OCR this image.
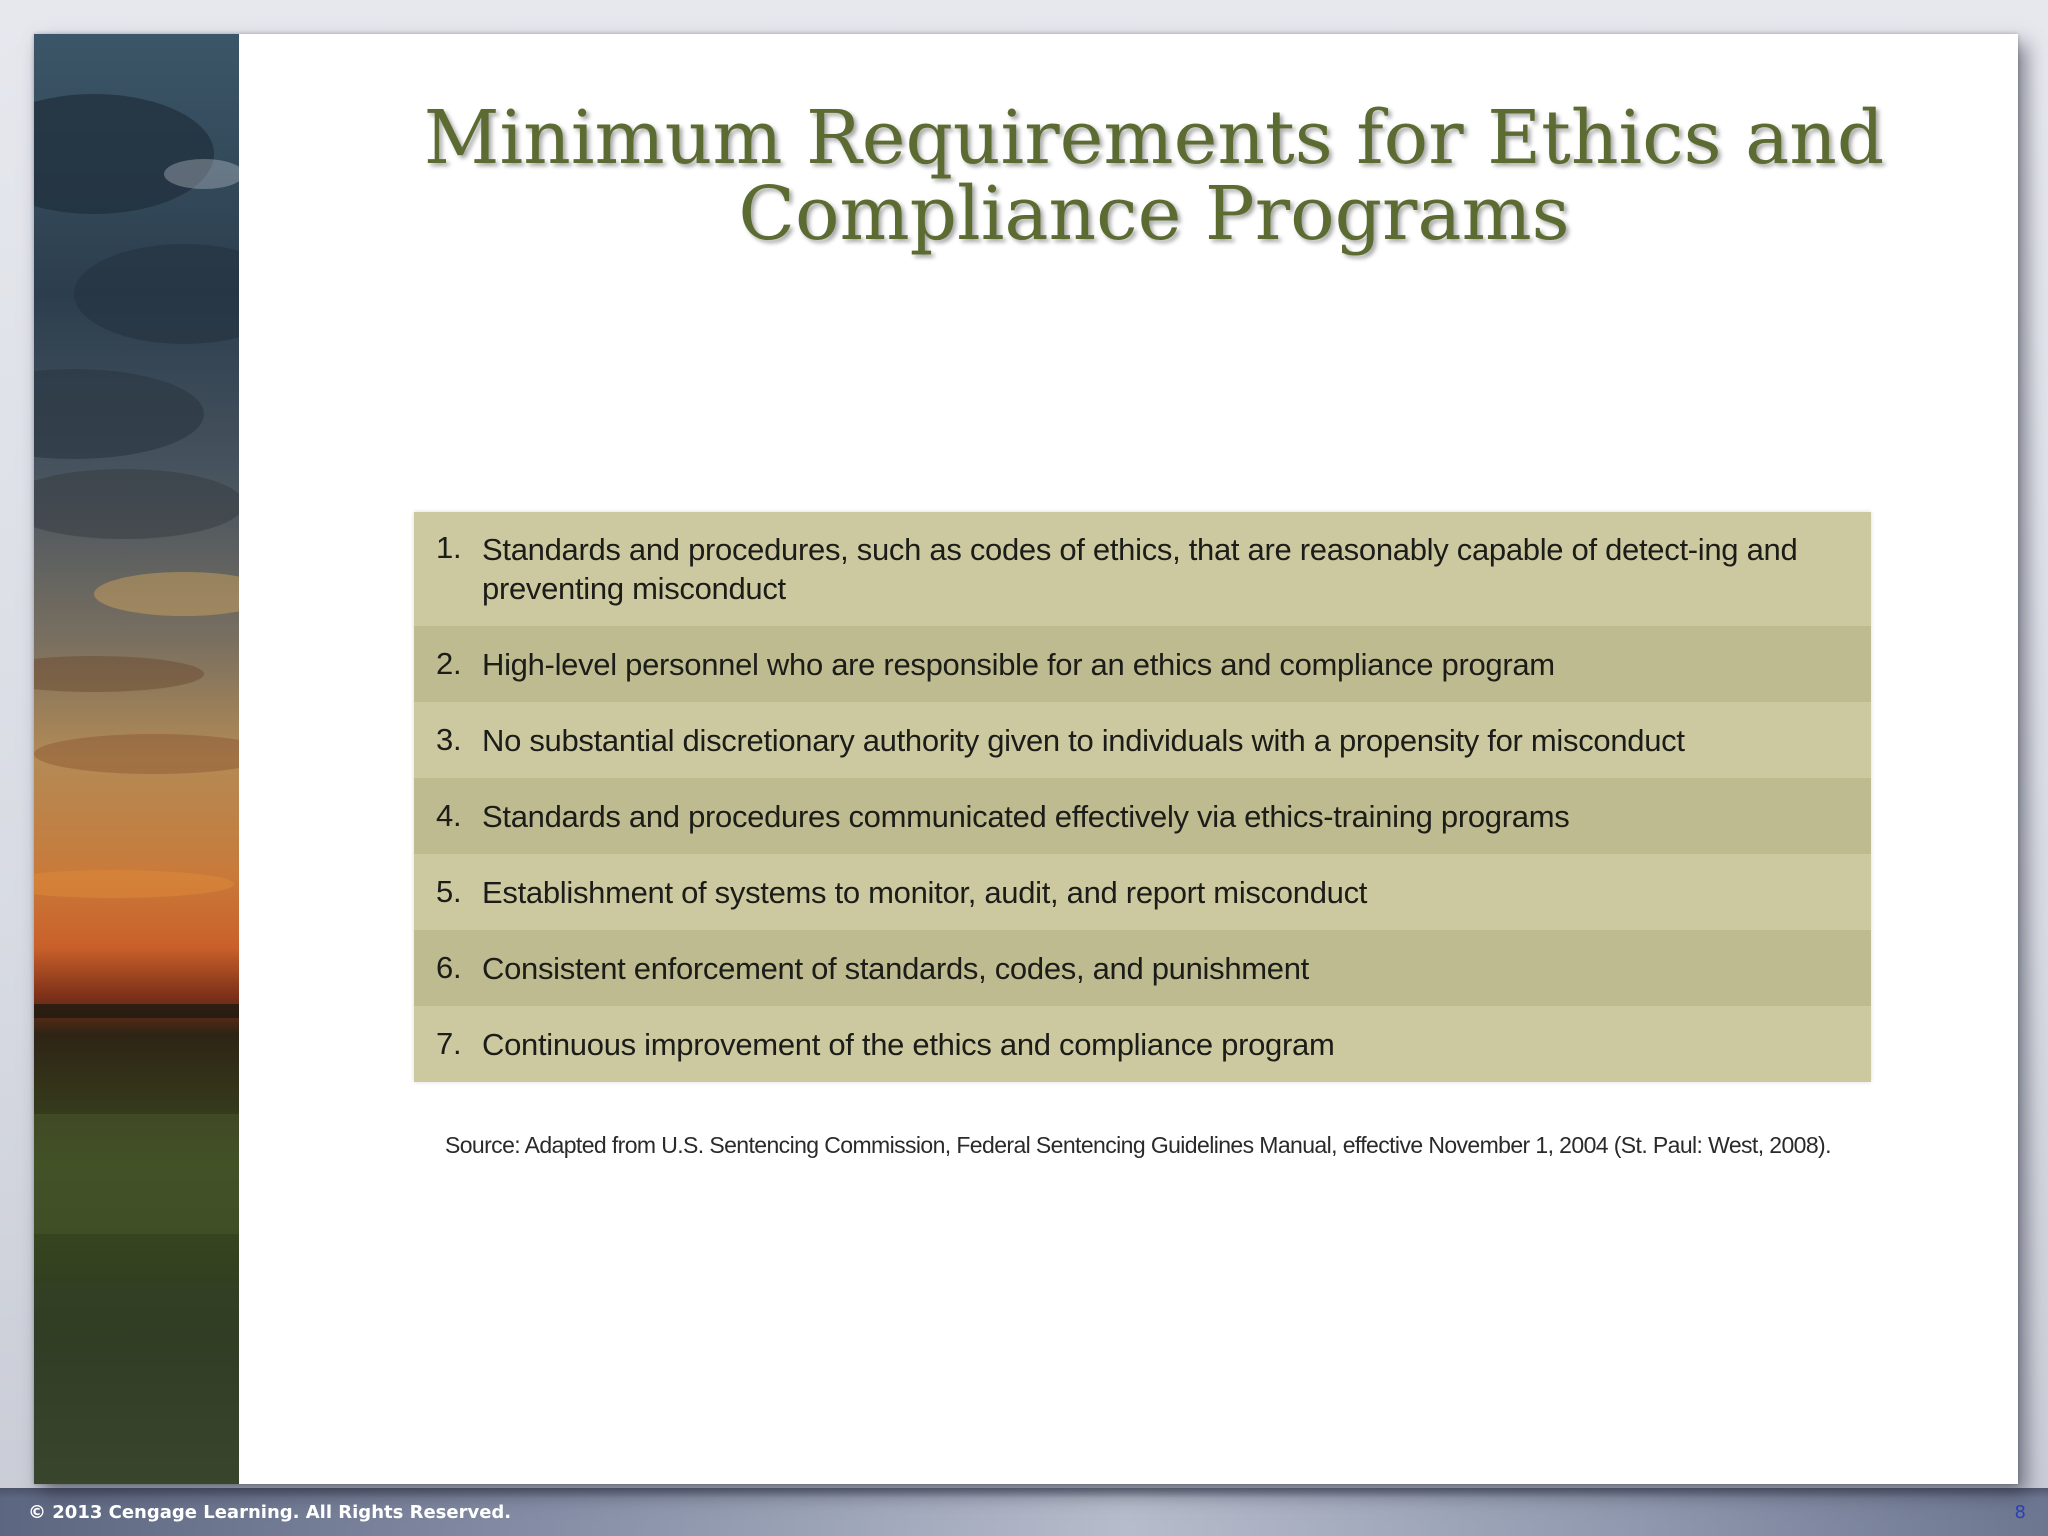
Minimum Requirements for Ethics and Compliance Programs
1. Standards and procedures, such as codes of ethics, that are reasonably capable of detect-ing and preventing misconduct
2. High-level personnel who are responsible for an ethics and compliance program
3. No substantial discretionary authority given to individuals with a propensity for misconduct
4. Standards and procedures communicated effectively via ethics-training programs
5. Establishment of systems to monitor, audit, and report misconduct
6. Consistent enforcement of standards, codes, and punishment
7. Continuous improvement of the ethics and compliance program
Source: Adapted from U.S. Sentencing Commission, Federal Sentencing Guidelines Manual, effective November 1, 2004 (St. Paul: West, 2008).
© 2013 Cengage Learning. All Rights Reserved.	8
